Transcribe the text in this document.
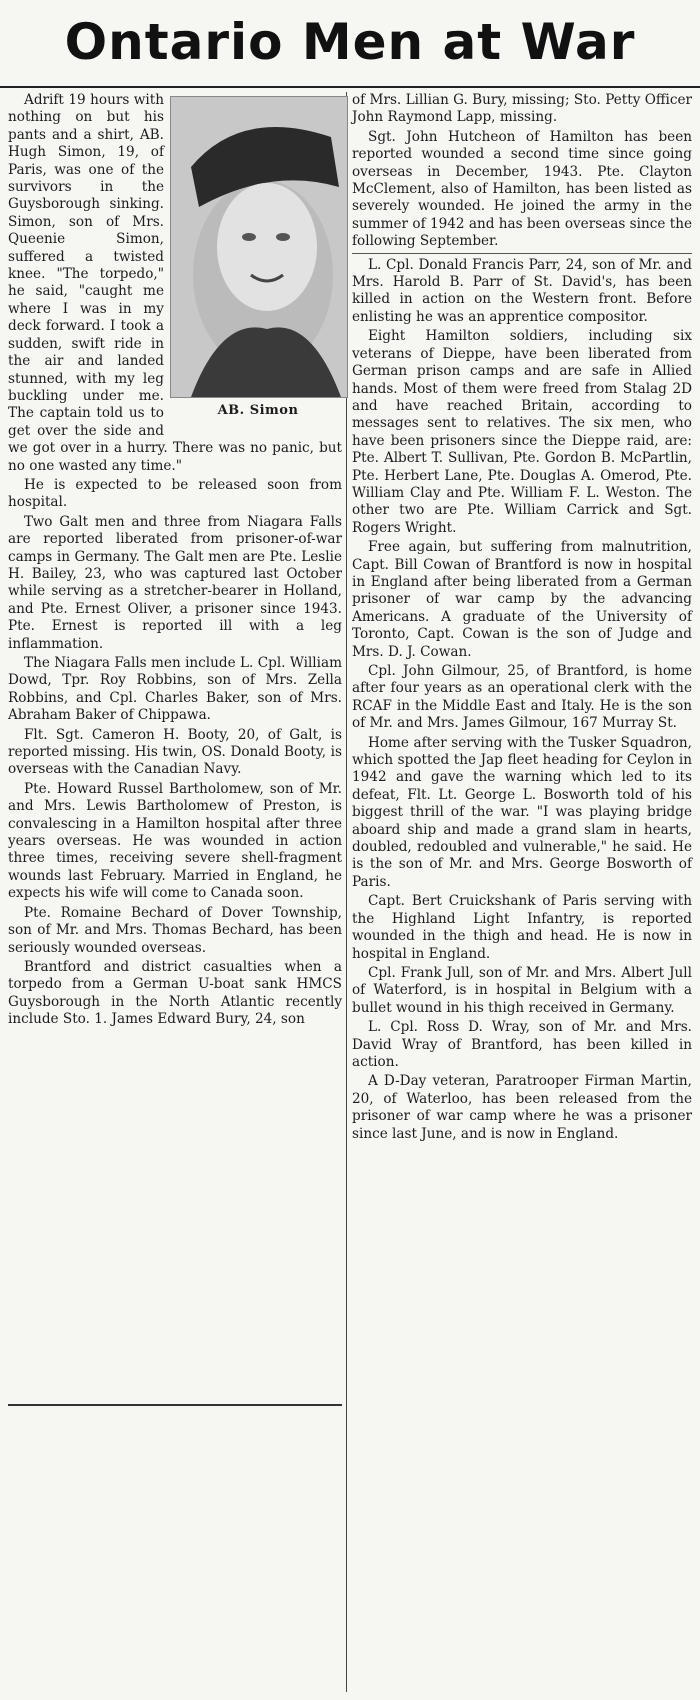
Ontario Men at War
AB. Simon

Adrift 19 hours with nothing on but his pants and a shirt, AB. Hugh Simon, 19, of Paris, was one of the survivors in the Guysborough sinking. Simon, son of Mrs. Queenie Simon, suffered a twisted knee. "The torpedo," he said, "caught me where I was in my deck forward. I took a sudden, swift ride in the air and landed stunned, with my leg buckling under me. The captain told us to get over the side and we got over in a hurry. There was no panic, but no one wasted any time."

He is expected to be released soon from hospital.

Two Galt men and three from Niagara Falls are reported liberated from prisoner-of-war camps in Germany. The Galt men are Pte. Leslie H. Bailey, 23, who was captured last October while serving as a stretcher-bearer in Holland, and Pte. Ernest Oliver, a prisoner since 1943. Pte. Ernest is reported ill with a leg inflammation.

The Niagara Falls men include L. Cpl. William Dowd, Tpr. Roy Robbins, son of Mrs. Zella Robbins, and Cpl. Charles Baker, son of Mrs. Abraham Baker of Chippawa.

Flt. Sgt. Cameron H. Booty, 20, of Galt, is reported missing. His twin, OS. Donald Booty, is overseas with the Canadian Navy.

Pte. Howard Russel Bartholomew, son of Mr. and Mrs. Lewis Bartholomew of Preston, is convalescing in a Hamilton hospital after three years overseas. He was wounded in action three times, receiving severe shell-fragment wounds last February. Married in England, he expects his wife will come to Canada soon.

Pte. Romaine Bechard of Dover Township, son of Mr. and Mrs. Thomas Bechard, has been seriously wounded overseas.

Brantford and district casualties when a torpedo from a German U-boat sank HMCS Guysborough in the North Atlantic recently include Sto. 1. James Edward Bury, 24, son

of Mrs. Lillian G. Bury, missing; Sto. Petty Officer John Raymond Lapp, missing.

Sgt. John Hutcheon of Hamilton has been reported wounded a second time since going overseas in December, 1943. Pte. Clayton McClement, also of Hamilton, has been listed as severely wounded. He joined the army in the summer of 1942 and has been overseas since the following September.

L. Cpl. Donald Francis Parr, 24, son of Mr. and Mrs. Harold B. Parr of St. David's, has been killed in action on the Western front. Before enlisting he was an apprentice compositor.

Eight Hamilton soldiers, including six veterans of Dieppe, have been liberated from German prison camps and are safe in Allied hands. Most of them were freed from Stalag 2D and have reached Britain, according to messages sent to relatives. The six men, who have been prisoners since the Dieppe raid, are: Pte. Albert T. Sullivan, Pte. Gordon B. McPartlin, Pte. Herbert Lane, Pte. Douglas A. Omerod, Pte. William Clay and Pte. William F. L. Weston. The other two are Pte. William Carrick and Sgt. Rogers Wright.

Free again, but suffering from malnutrition, Capt. Bill Cowan of Brantford is now in hospital in England after being liberated from a German prisoner of war camp by the advancing Americans. A graduate of the University of Toronto, Capt. Cowan is the son of Judge and Mrs. D. J. Cowan.

Cpl. John Gilmour, 25, of Brantford, is home after four years as an operational clerk with the RCAF in the Middle East and Italy. He is the son of Mr. and Mrs. James Gilmour, 167 Murray St.

Home after serving with the Tusker Squadron, which spotted the Jap fleet heading for Ceylon in 1942 and gave the warning which led to its defeat, Flt. Lt. George L. Bosworth told of his biggest thrill of the war. "I was playing bridge aboard ship and made a grand slam in hearts, doubled, redoubled and vulnerable," he said. He is the son of Mr. and Mrs. George Bosworth of Paris.

Capt. Bert Cruickshank of Paris serving with the Highland Light Infantry, is reported wounded in the thigh and head. He is now in hospital in England.

Cpl. Frank Jull, son of Mr. and Mrs. Albert Jull of Waterford, is in hospital in Belgium with a bullet wound in his thigh received in Germany.

L. Cpl. Ross D. Wray, son of Mr. and Mrs. David Wray of Brantford, has been killed in action.

A D-Day veteran, Paratrooper Firman Martin, 20, of Waterloo, has been released from the prisoner of war camp where he was a prisoner since last June, and is now in England.
